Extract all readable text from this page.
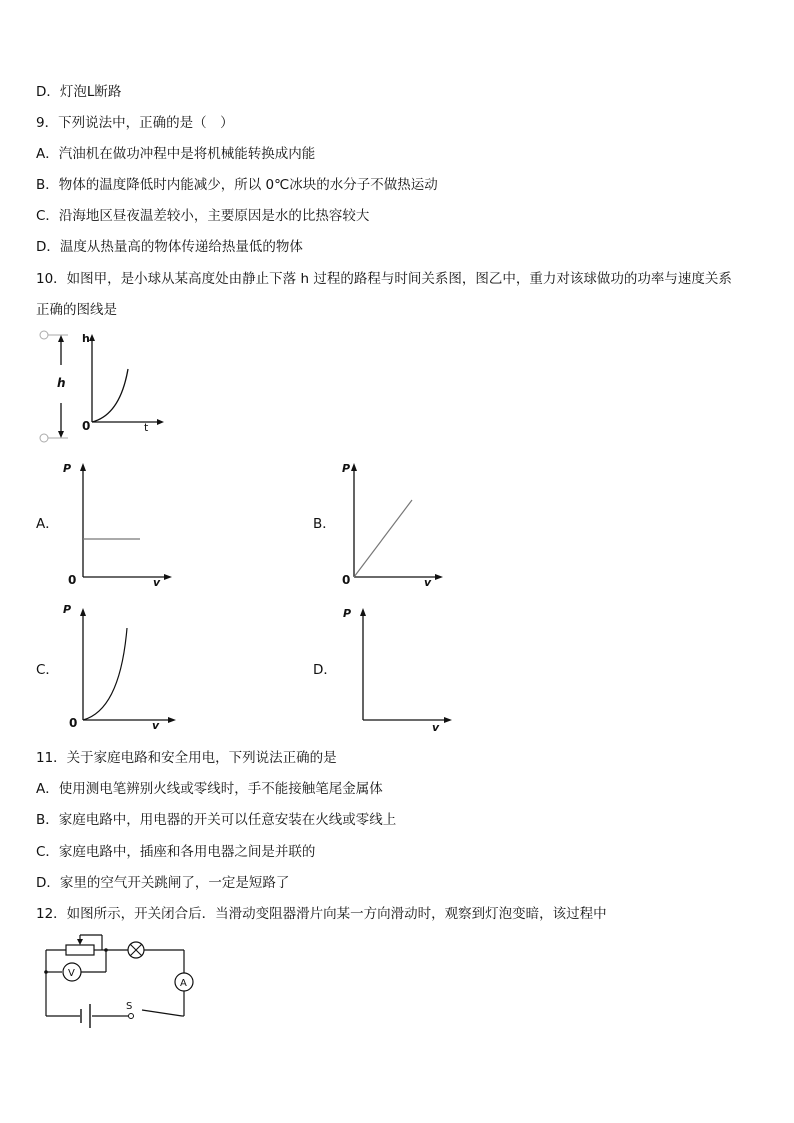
D．灯泡L断路
9．下列说法中，正确的是（　）
A．汽油机在做功冲程中是将机械能转换成内能
B．物体的温度降低时内能减少，所以 0℃冰块的水分子不做热运动
C．沿海地区昼夜温差较小，主要原因是水的比热容较大
D．温度从热量高的物体传递给热量低的物体
10．如图甲，是小球从某高度处由静止下落 h 过程的路程与时间关系图，图乙中，重力对该球做功的功率与速度关系
正确的图线是
h
h
t
0
A．
P
v
0
B．
P
v
0
C．
P
v
0
D．
P
v
11．关于家庭电路和安全用电，下列说法正确的是
A．使用测电笔辨别火线或零线时，手不能接触笔尾金属体
B．家庭电路中，用电器的开关可以任意安装在火线或零线上
C．家庭电路中，插座和各用电器之间是并联的
D．家里的空气开关跳闸了，一定是短路了
12．如图所示，开关闭合后．当滑动变阻器滑片向某一方向滑动时，观察到灯泡变暗，该过程中
S
A
V
